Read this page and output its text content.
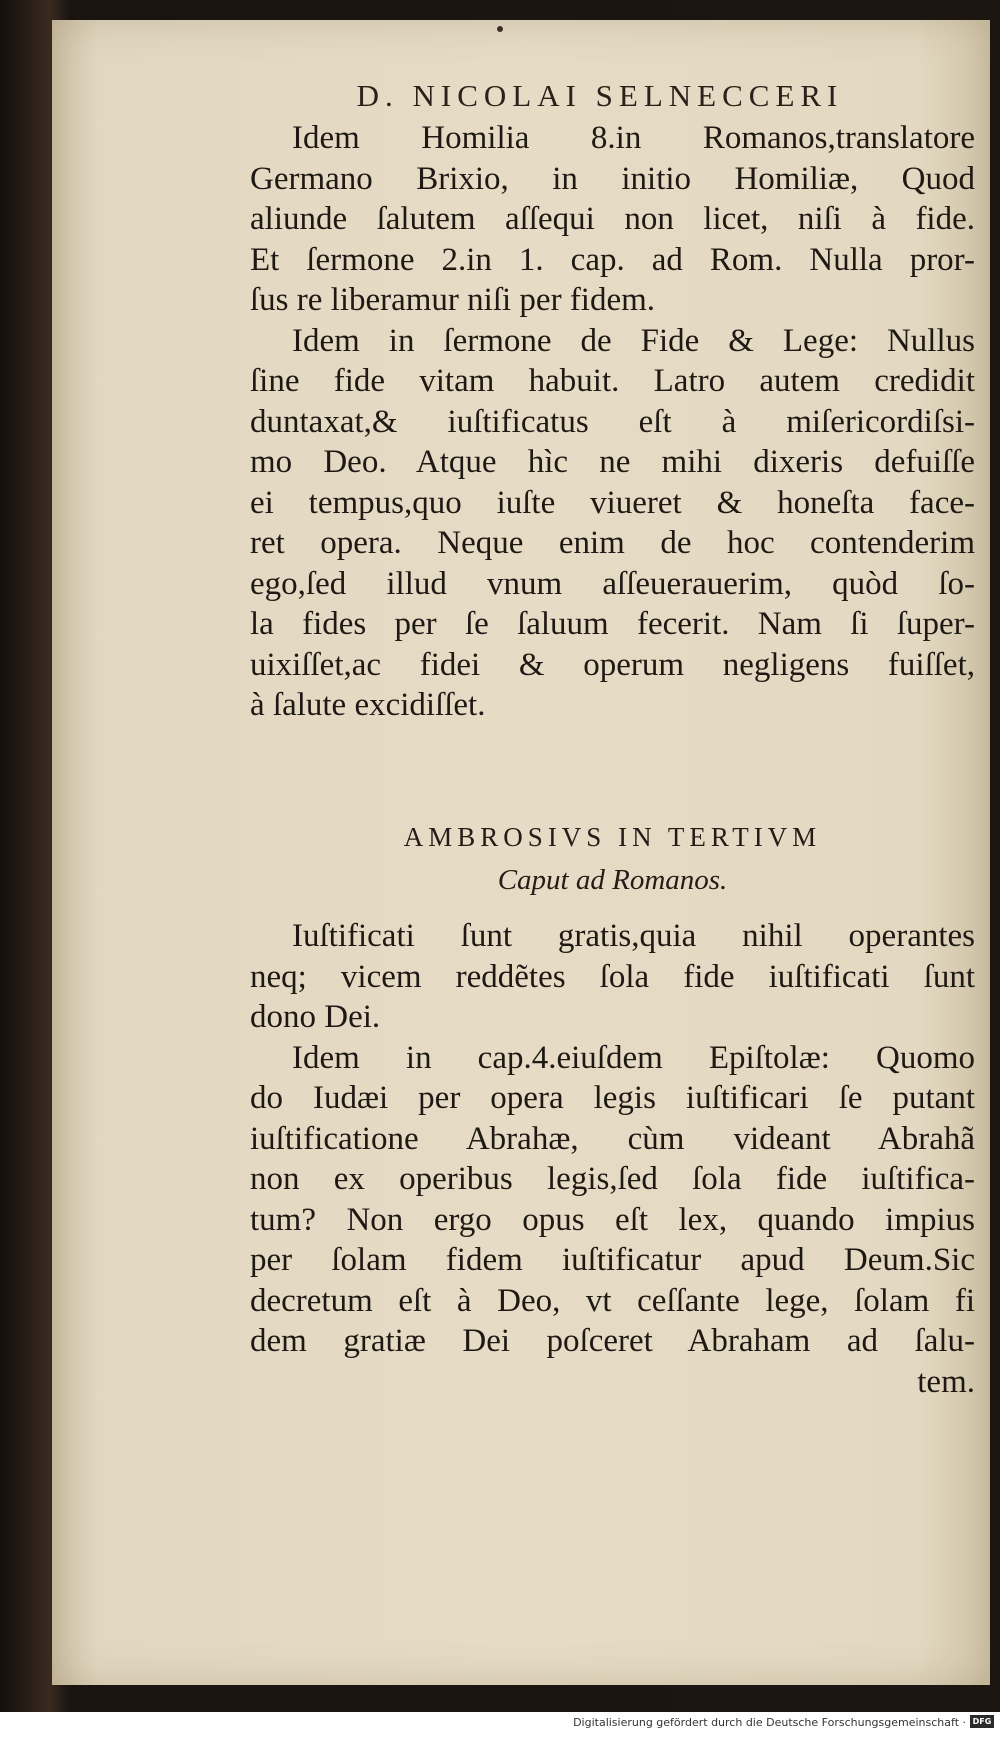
D. NICOLAI SELNECCERI

Idem Homilia 8.in Romanos,translatore
Germano Brixio, in initio Homiliæ, Quod
aliunde ſalutem aſſequi non licet, niſi à fide.
Et ſermone 2.in 1. cap. ad Rom. Nulla pror-
ſus re liberamur niſi per fidem.

Idem in ſermone de Fide & Lege: Nullus
ſine fide vitam habuit. Latro autem credidit
duntaxat,& iuſtificatus eſt à miſericordiſsi-
mo Deo. Atque hìc ne mihi dixeris defuiſſe
ei tempus,quo iuſte viueret & honeſta face-
ret opera. Neque enim de hoc contenderim
ego,ſed illud vnum aſſeuerauerim, quòd ſo-
la fides per ſe ſaluum fecerit. Nam ſi ſuper-
uixiſſet,ac fidei & operum negligens fuiſſet,
à ſalute excidiſſet.

AMBROSIVS IN TERTIVM
Caput ad Romanos.

Iuſtificati ſunt gratis,quia nihil operantes
neq; vicem reddẽtes ſola fide iuſtificati ſunt
dono Dei.

Idem in cap.4.eiuſdem Epiſtolæ: Quomo
do Iudæi per opera legis iuſtificari ſe putant
iuſtificatione Abrahæ, cùm videant Abrahã
non ex operibus legis,ſed ſola fide iuſtifica-
tum? Non ergo opus eſt lex, quando impius
per ſolam fidem iuſtificatur apud Deum.Sic
decretum eſt à Deo, vt ceſſante lege, ſolam fi
dem gratiæ Dei poſceret Abraham ad ſalu-
tem.

Digitalisierung gefördert durch die Deutsche Forschungsgemeinschaft · DFG
